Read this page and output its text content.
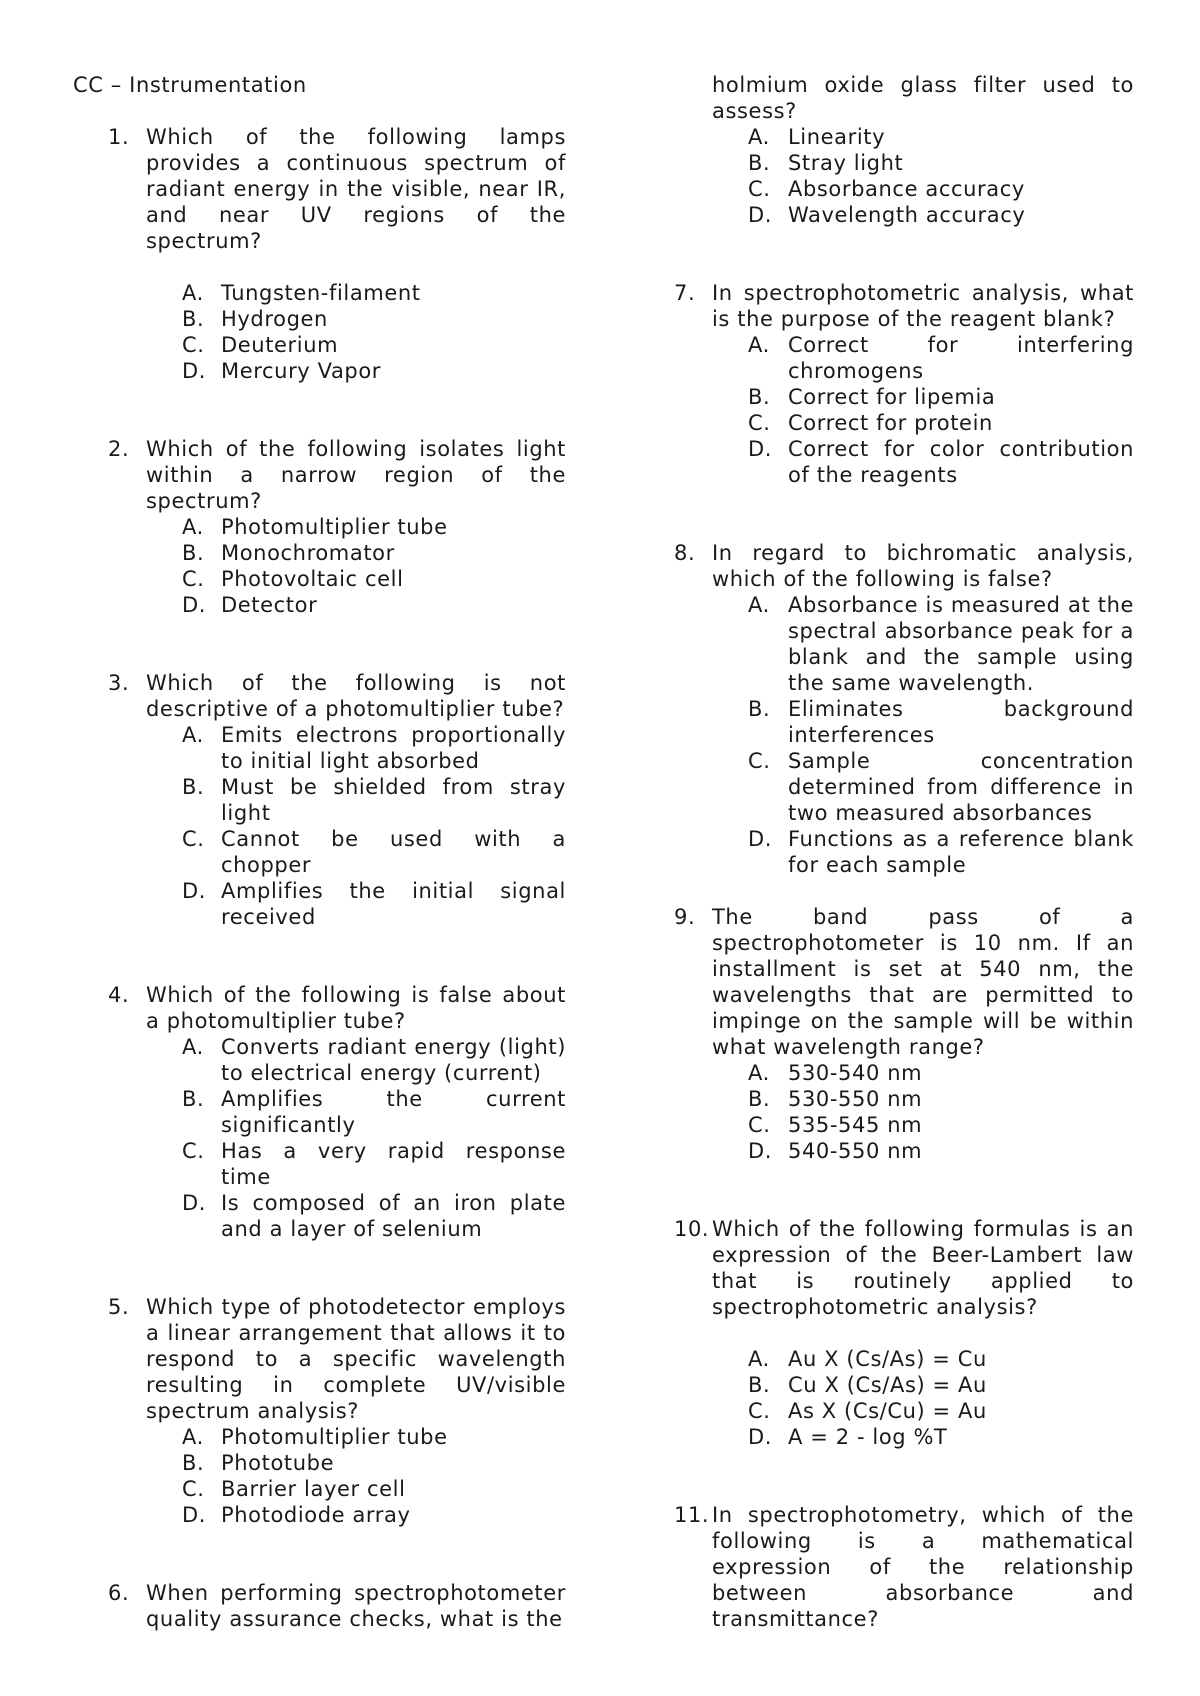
CC – Instrumentation
1. Which of the following lamps provides a continuous spectrum of radiant energy in the visible, near IR, and near UV regions of the spectrum?
A. Tungsten-filament
B. Hydrogen
C. Deuterium
D. Mercury Vapor
2. Which of the following isolates light within a narrow region of the spectrum?
A. Photomultiplier tube
B. Monochromator
C. Photovoltaic cell
D. Detector
3. Which of the following is not descriptive of a photomultiplier tube?
A. Emits electrons proportionally to initial light absorbed
B. Must be shielded from stray light
C. Cannot be used with a chopper
D. Amplifies the initial signal received
4. Which of the following is false about a photomultiplier tube?
A. Converts radiant energy (light) to electrical energy (current)
B. Amplifies the current significantly
C. Has a very rapid response time
D. Is composed of an iron plate and a layer of selenium
5. Which type of photodetector employs a linear arrangement that allows it to respond to a specific wavelength resulting in complete UV/visible spectrum analysis?
A. Photomultiplier tube
B. Phototube
C. Barrier layer cell
D. Photodiode array
6. When performing spectrophotometer quality assurance checks, what is the
holmium oxide glass filter used to assess?
A. Linearity
B. Stray light
C. Absorbance accuracy
D. Wavelength accuracy
7. In spectrophotometric analysis, what is the purpose of the reagent blank?
A. Correct for interfering chromogens
B. Correct for lipemia
C. Correct for protein
D. Correct for color contribution of the reagents
8. In regard to bichromatic analysis, which of the following is false?
A. Absorbance is measured at the spectral absorbance peak for a blank and the sample using the same wavelength.
B. Eliminates background interferences
C. Sample concentration determined from difference in two measured absorbances
D. Functions as a reference blank for each sample
9. The band pass of a spectrophotometer is 10 nm. If an installment is set at 540 nm, the wavelengths that are permitted to impinge on the sample will be within what wavelength range?
A. 530-540 nm
B. 530-550 nm
C. 535-545 nm
D. 540-550 nm
10. Which of the following formulas is an expression of the Beer-Lambert law that is routinely applied to spectrophotometric analysis?
A. Au X (Cs/As) = Cu
B. Cu X (Cs/As) = Au
C. As X (Cs/Cu) = Au
D. A = 2 - log %T
11. In spectrophotometry, which of the following is a mathematical expression of the relationship between absorbance and transmittance?
